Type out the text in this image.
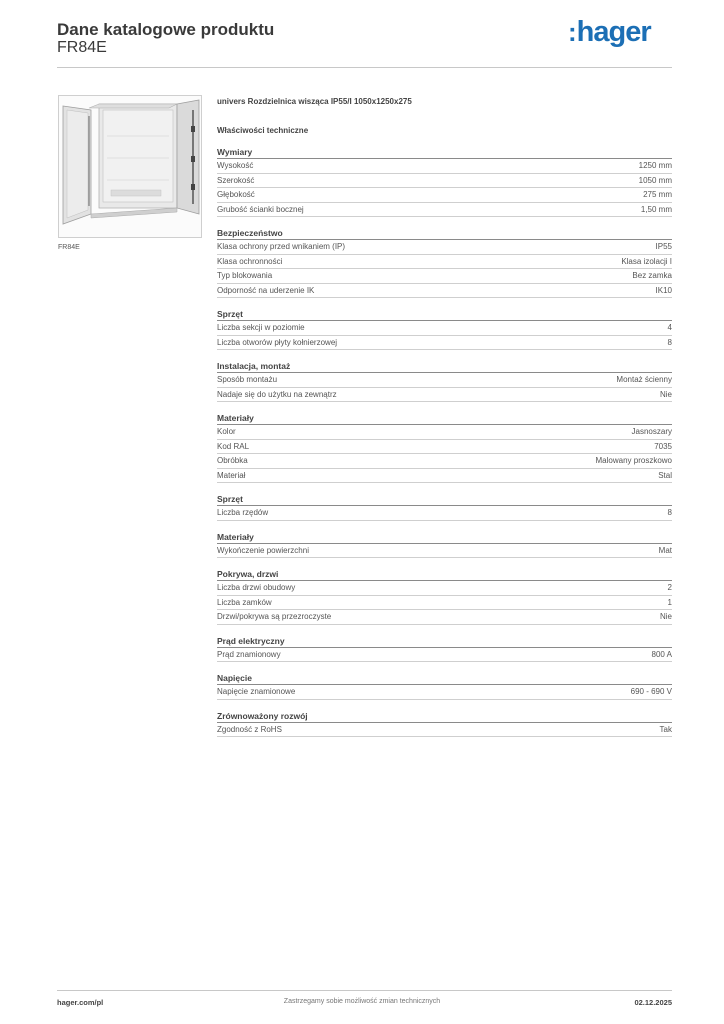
Dane katalogowe produktu
FR84E
:hager
FR84E
univers Rozdzielnica wisząca IP55/I 1050x1250x275
Właściwości techniczne
Wymiary
Wysokość	1250 mm
Szerokość	1050 mm
Głębokość	275 mm
Grubość ścianki bocznej	1,50 mm
Bezpieczeństwo
Klasa ochrony przed wnikaniem (IP)	IP55
Klasa ochronności	Klasa izolacji I
Typ blokowania	Bez zamka
Odporność na uderzenie IK	IK10
Sprzęt
Liczba sekcji w poziomie	4
Liczba otworów płyty kołnierzowej	8
Instalacja, montaż
Sposób montażu	Montaż ścienny
Nadaje się do użytku na zewnątrz	Nie
Materiały
Kolor	Jasnoszary
Kod RAL	7035
Obróbka	Malowany proszkowo
Materiał	Stal
Sprzęt
Liczba rzędów	8
Materiały
Wykończenie powierzchni	Mat
Pokrywa, drzwi
Liczba drzwi obudowy	2
Liczba zamków	1
Drzwi/pokrywa są przezroczyste	Nie
Prąd elektryczny
Prąd znamionowy	800 A
Napięcie
Napięcie znamionowe	690 - 690 V
Zrównoważony rozwój
Zgodność z RoHS	Tak
Zastrzegamy sobie możliwość zmian technicznych
hager.com/pl	02.12.2025
